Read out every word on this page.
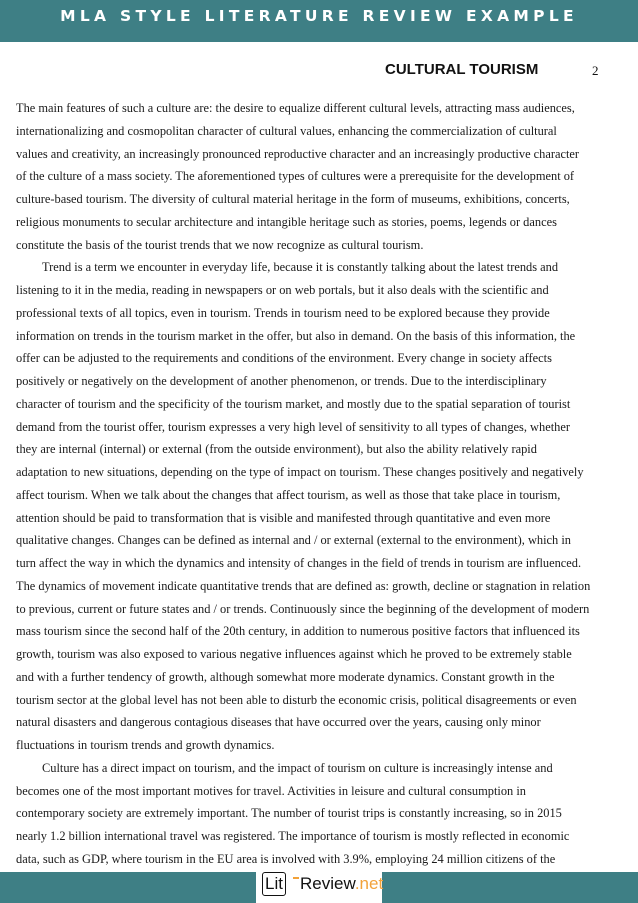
MLA STYLE LITERATURE REVIEW EXAMPLE
CULTURAL TOURISM	2
The main features of such a culture are: the desire to equalize different cultural levels, attracting mass audiences,
internationalizing and cosmopolitan character of cultural values, enhancing the commercialization of cultural
values and creativity, an increasingly pronounced reproductive character and an increasingly productive character
of the culture of a mass society. The aforementioned types of cultures were a prerequisite for the development of
culture-based tourism. The diversity of cultural material heritage in the form of museums, exhibitions, concerts,
religious monuments to secular architecture and intangible heritage such as stories, poems, legends or dances
constitute the basis of the tourist trends that we now recognize as cultural tourism.
Trend is a term we encounter in everyday life, because it is constantly talking about the latest trends and
listening to it in the media, reading in newspapers or on web portals, but it also deals with the scientific and
professional texts of all topics, even in tourism. Trends in tourism need to be explored because they provide
information on trends in the tourism market in the offer, but also in demand. On the basis of this information, the
offer can be adjusted to the requirements and conditions of the environment. Every change in society affects
positively or negatively on the development of another phenomenon, or trends. Due to the interdisciplinary
character of tourism and the specificity of the tourism market, and mostly due to the spatial separation of tourist
demand from the tourist offer, tourism expresses a very high level of sensitivity to all types of changes, whether
they are internal (internal) or external (from the outside environment), but also the ability relatively rapid
adaptation to new situations, depending on the type of impact on tourism. These changes positively and negatively
affect tourism. When we talk about the changes that affect tourism, as well as those that take place in tourism,
attention should be paid to transformation that is visible and manifested through quantitative and even more
qualitative changes. Changes can be defined as internal and / or external (external to the environment), which in
turn affect the way in which the dynamics and intensity of changes in the field of trends in tourism are influenced.
The dynamics of movement indicate quantitative trends that are defined as: growth, decline or stagnation in relation
to previous, current or future states and / or trends. Continuously since the beginning of the development of modern
mass tourism since the second half of the 20th century, in addition to numerous positive factors that influenced its
growth, tourism was also exposed to various negative influences against which he proved to be extremely stable
and with a further tendency of growth, although somewhat more moderate dynamics. Constant growth in the
tourism sector at the global level has not been able to disturb the economic crisis, political disagreements or even
natural disasters and dangerous contagious diseases that have occurred over the years, causing only minor
fluctuations in tourism trends and growth dynamics.
Culture has a direct impact on tourism, and the impact of tourism on culture is increasingly intense and
becomes one of the most important motives for travel. Activities in leisure and cultural consumption in
contemporary society are extremely important. The number of tourist trips is constantly increasing, so in 2015
nearly 1.2 billion international travel was registered. The importance of tourism is mostly reflected in economic
data, such as GDP, where tourism in the EU area is involved with 3.9%, employing 24 million citizens of the
Lit Review.net
